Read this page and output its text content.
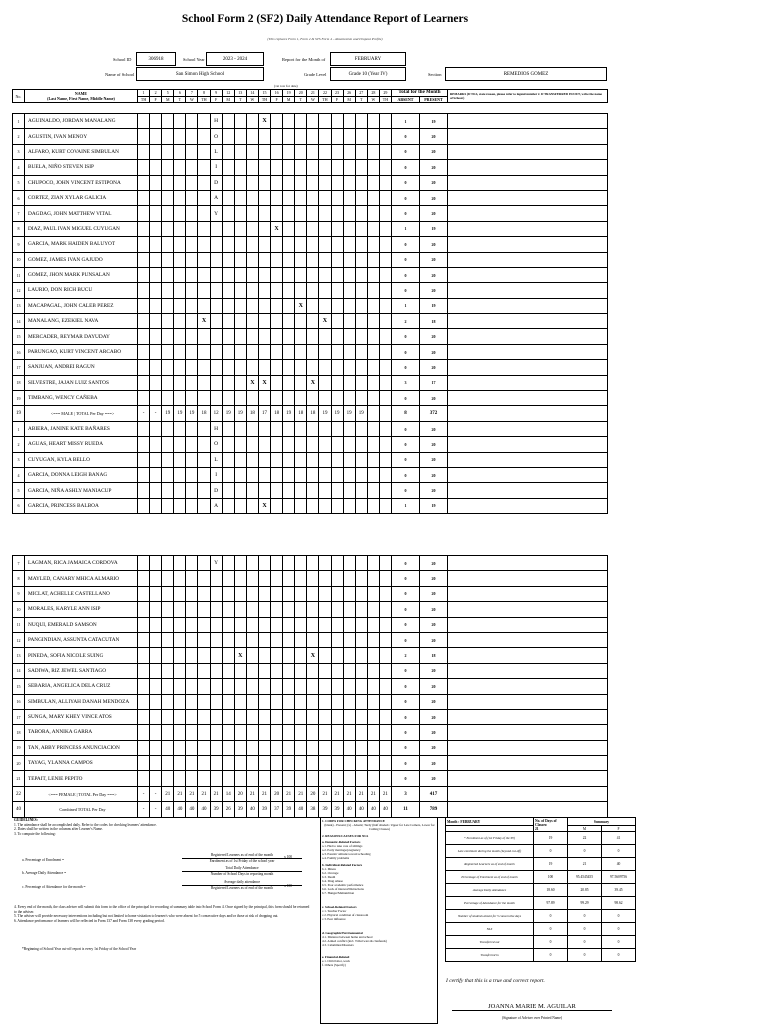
School Form 2 (SF2) Daily Attendance Report of Learners
(This replaces Form 1, Form 2 & STS Form 4 - Absenteeism and Dropout Profile)
School ID	306918	School Year	2023 - 2024	Report for the Month of	FEBRUARY
Name of School	San Simon High School	Grade Level	Grade 10 (Year IV)	Section	REMEDIOS GOMEZ
(1st row for date)
No.	NAME
(Last Name, First Name, Middle Name)	1	2	5	6	7	8	9	12	13	14	15	16	19	20	21	22	23	26	27	28	29	Total for the Month		REMARKS (If NLS, state reason, please refer to legend number 2. If TRANSFERRED IN/OUT, write the name of School.)
		TH	F	M	T	W	TH	F	M	T	W	TH	F	M	T	W	TH	F	M	T	W	TH	ABSENT	PRESENT	
1	AGUINALDO, JORDAN MANALANG							H				X											1	19	
2	AGUSTIN, IVAN MENOY							O															0	20	
3	ALFARO, KURT COVAINE SIMBULAN							L															0	20	
4	BUELA, NIÑO STEVEN ISIP							I															0	20	
5	CHUPOCO, JOHN VINCENT ESTIPONA							D															0	20	
6	CORTEZ, ZIAN XYLAR GALICIA							A															0	20	
7	DAGDAG, JOHN MATTHEW VITAL							Y															0	20	
8	DIAZ, PAUL IVAN MIGUEL CUYUGAN												X										1	19	
9	GARCIA, MARK HAIDEN BALUYOT																						0	20	
10	GOMEZ, JAMES IVAN GAJUDO																						0	20	
11	GOMEZ, JHON MARK PUNSALAN																						0	20	
12	LAURIO, DON RICH BUCU																						0	20	
13	MACAPAGAL, JOHN CALEB PEREZ														X								1	19	
14	MANALANG, EZEKIEL NAVA						X										X						2	18	
15	MERCADER, REYMAR DAYUDAY																						0	20	
16	PARUNGAO, KURT VINCENT ARCABO																						0	20	
17	SANJUAN, ANDREI RAGUN																						0	20	
18	SILVESTRE, JAJAN LUIZ SANTOS										X	X				X							3	17	
19	TIMBANG, WENCY CAÑEBA																						0	20	
19	<=== MALE | TOTAL Per Day ===>	-	-	19	19	19	18	12	19	19	18	17	18	19	18	18	19	19	19	19			8	372	
1	ABIERA, JANINE KATE BAÑARES							H															0	20	
2	AGUAS, HEART MISSY RUEDA							O															0	20	
3	CUYUGAN, KYLA BELLO							L															0	20	
4	GARCIA, DONNA LEIGH BANAG							I															0	20	
5	GARCIA, NIÑA ASHLY MANIACUP							D															0	20	
6	GARCIA, PRINCESS BALBOA							A				X											1	19	
7	LAGMAN, RICA JAMAICA CORDOVA							Y															0	20	
8	MAYLED, CANARY MHICA ALMARIO																						0	20	
9	MICLAT, ACHELLE CASTELLANO																						0	20	
10	MORALES, KARYLE ANN ISIP																						0	20	
11	NUQUI, EMERALD SAMSON																						0	20	
12	PANGINDIAN, ASSUNTA CATACUTAN																						0	20	
13	PINEDA, SOFIA NICOLE SUING									X						X							2	18	
14	SADIWA, RIZ JEWEL SANTIAGO																						0	20	
15	SEBARIA, ANGELICA DELA CRUZ																						0	20	
16	SIMBULAN, ALLIYAH DANAH MENDOZA																						0	20	
17	SUNGA, MARY KHEY VINCE ATOS																						0	20	
18	TABORA, ANNIKA GARRA																						0	20	
19	TAN, ABBY PRINCESS ANUNCIACION																						0	20	
20	TAYAG, YLANNA CAMPOS																						0	20	
21	TEPAIT, LENIE PEPITO																						0	20	
22	<=== FEMALE | TOTAL Per Day ===>	-	-	21	21	21	21	21	14	20	21	21	20	21	21	20	21	21	21	21	21	21	3	417	
40	Combined TOTAL Per Day	-	-	40	40	40	40	39	26	39	40	39	37	39	40	38	39	39	40	40	40	40	11	789	
GUIDELINES:
1. The attendance shall be accomplished daily. Refer to the codes for checking learners' attendance.
2. Dates shall be written in the columns after Learner's Name.
3. To compute the following:
a. Percentage of Enrolment =
Registered Learners as of end of the month
Enrolment as of 1st Friday of the school year
x 100
b. Average Daily Attendance =
Total Daily Attendance
Number of School Days in reporting month
c. Percentage of Attendance for the month =
Average daily attendance
Registered Learners as of end of the month	x 100
4. Every end of the month, the class adviser will submit this form to the office of the principal for recording of summary table into School Form 4. Once signed by the principal, this form should be returned to the adviser.
5. The adviser will provide necessary interventions including but not limited to home visitation to learner/s who were absent for 5 consecutive days and/or those at risk of dropping out.
6. Attendance performance of learners will be reflected in Form 137 and Form 138 every grading period.
*Beginning of School Year cut-off report is every 1st Friday of the School Year
1. CODES FOR CHECKING ATTENDANCE
(blank) - Present; (x) - Absent; Tardy (half shaded= Upper for Late Comers, Lower for Cutting Classes)
2. REASONS/CAUSES FOR NLS
a. Domestic-Related Factors
a.1. Had to take care of siblings
a.2. Early marriage/pregnancy
a.3. Parents' attitude toward schooling
a.4. Family problems
b. Individual-Related Factors
b.1. Illness
b.2. Overage
b.3. Death
b.4. Drug Abuse
b.5. Poor academic performance
b.6. Lack of interest/Distractions
b.7. Hunger/Malnutrition
c. School-Related Factors
c.1. Teacher Factor
c.2. Physical condition of classroom
c.3. Peer influence
d. Geographic/Environmental
d.1. Distance between home and school
d.2. Armed conflict (incl. Tribal wars & clanfeuds)
d.3. Calamities/Disasters
e. Financial-Related
e.1. Child labor, work
f. Others (Specify)
Month : FEBRUARY	No. of Days of Classes:
21	Summary		
		M	F	

* Enrolment as of (1st Friday of the SY)	19	22	41	
Late enrolment during the month (beyond cut-off)	0	0	0	
Registered Learners as of end of month	19	21	40	
Percentage of Enrolment as of end of month	100	95.4545455	97.5609756	
Average Daily Attendance	18.60	20.85	39.45	
Percentage of Attendance for the month	97.89	99.29	98.62	
Number of students absent for 5 consecutive days	0	0	0	
NLS	0	0	0	
Transferred out	0	0	0	
Transferred in	0	0	0	
I certify that this is a true and correct report.
JOANNA MARIE M. AGUILAR
(Signature of Adviser over Printed Name)
